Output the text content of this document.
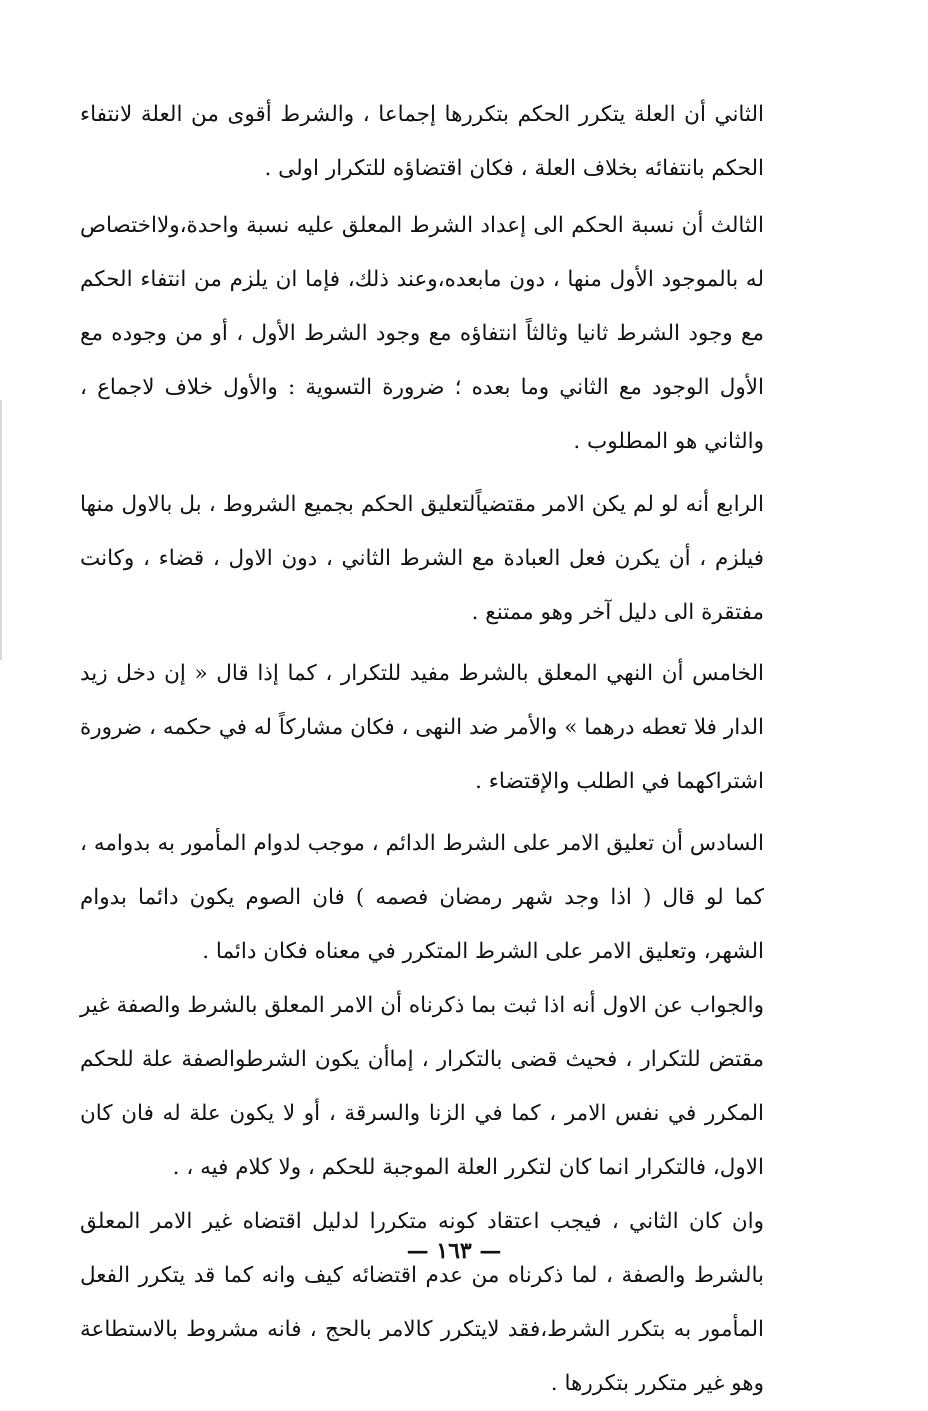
الثاني أن العلة يتكرر الحكم بتكررها إجماعا ، والشرط أقوى من العلة لانتفاء الحكم بانتفائه بخلاف العلة ، فكان اقتضاؤه للتكرار اولى .

الثالث أن نسبة الحكم الى إعداد الشرط المعلق عليه نسبة واحدة،ولااختصاص له بالموجود الأول منها ، دون مابعده،وعند ذلك، فإما ان يلزم من انتفاء الحكم مع وجود الشرط ثانيا وثالثاً انتفاؤه مع وجود الشرط الأول ، أو من وجوده مع الأول الوجود مع الثاني وما بعده ؛ ضرورة التسوية : والأول خلاف لاجماع ، والثاني هو المطلوب .

الرابع أنه لو لم يكن الامر مقتضياًلتعليق الحكم بجميع الشروط ، بل بالاول منها فيلزم ، أن يكرن فعل العبادة مع الشرط الثاني ، دون الاول ، قضاء ، وكانت مفتقرة الى دليل آخر وهو ممتنع .

الخامس أن النهي المعلق بالشرط مفيد للتكرار ، كما إذا قال « إن دخل زيد الدار فلا تعطه درهما » والأمر ضد النهى ، فكان مشاركاً له في حكمه ، ضرورة اشتراكهما في الطلب والإقتضاء .

السادس أن تعليق الامر على الشرط الدائم ، موجب لدوام المأمور به بدوامه ، كما لو قال ( اذا وجد شهر رمضان فصمه ) فان الصوم يكون دائما بدوام الشهر، وتعليق الامر على الشرط المتكرر في معناه فكان دائما .

والجواب عن الاول أنه اذا ثبت بما ذكرناه أن الامر المعلق بالشرط والصفة غير مقتض للتكرار ، فحيث قضى بالتكرار ، إماأن يكون الشرطوالصفة علة للحكم المكرر في نفس الامر ، كما في الزنا والسرقة ، أو لا يكون علة له فان كان الاول، فالتكرار انما كان لتكرر العلة الموجبة للحكم ، ولا كلام فيه ، .

وان كان الثاني ، فيجب اعتقاد كونه متكررا لدليل اقتضاه غير الامر المعلق بالشرط والصفة ، لما ذكرناه من عدم اقتضائه كيف وانه كما قد يتكرر الفعل المأمور به بتكرر الشرط،فقد لايتكرر كالامر بالحج ، فانه مشروط بالاستطاعة وهو غير متكرر بتكررها .

— ١٦٣ —
